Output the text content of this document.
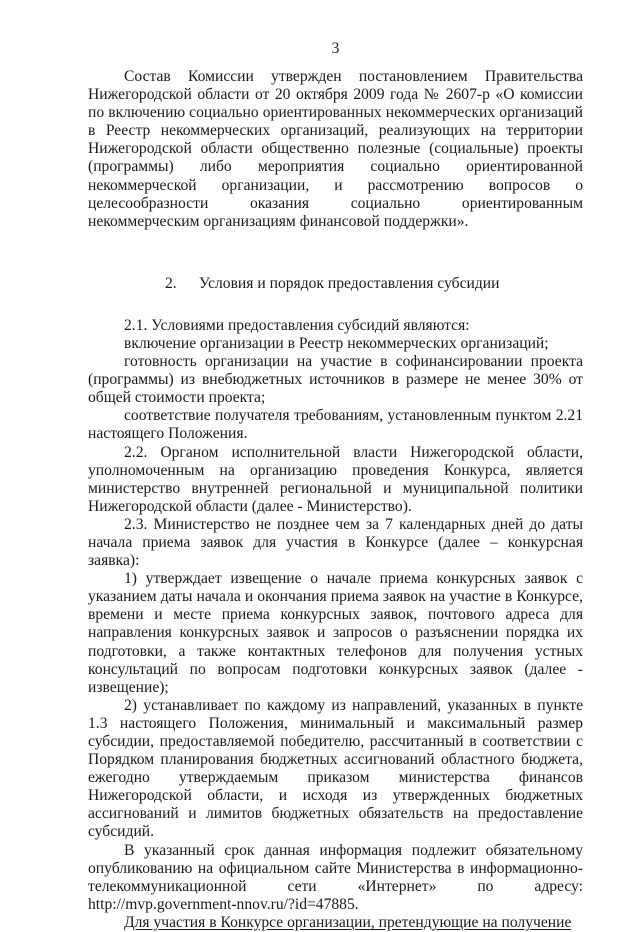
3

Состав Комиссии утвержден постановлением Правительства Нижегородской области от 20 октября 2009 года № 2607-р «О комиссии по включению социально ориентированных некоммерческих организаций в Реестр некоммерческих организаций, реализующих на территории Нижегородской области общественно полезные (социальные) проекты (программы) либо мероприятия социально ориентированной некоммерческой организации, и рассмотрению вопросов о целесообразности оказания социально ориентированным некоммерческим организациям финансовой поддержки».

2. Условия и порядок предоставления субсидии

2.1. Условиями предоставления субсидий являются:

включение организации в Реестр некоммерческих организаций;

готовность организации на участие в софинансировании проекта (программы) из внебюджетных источников в размере не менее 30% от общей стоимости проекта;

соответствие получателя требованиям, установленным пунктом 2.21 настоящего Положения.

2.2. Органом исполнительной власти Нижегородской области, уполномоченным на организацию проведения Конкурса, является министерство внутренней региональной и муниципальной политики Нижегородской области (далее - Министерство).

2.3. Министерство не позднее чем за 7 календарных дней до даты начала приема заявок для участия в Конкурсе (далее – конкурсная заявка):

1) утверждает извещение о начале приема конкурсных заявок с указанием даты начала и окончания приема заявок на участие в Конкурсе, времени и месте приема конкурсных заявок, почтового адреса для направления конкурсных заявок и запросов о разъяснении порядка их подготовки, а также контактных телефонов для получения устных консультаций по вопросам подготовки конкурсных заявок (далее - извещение);

2) устанавливает по каждому из направлений, указанных в пункте 1.3 настоящего Положения, минимальный и максимальный размер субсидии, предоставляемой победителю, рассчитанный в соответствии с Порядком планирования бюджетных ассигнований областного бюджета, ежегодно утверждаемым приказом министерства финансов Нижегородской области, и исходя из утвержденных бюджетных ассигнований и лимитов бюджетных обязательств на предоставление субсидий.

В указанный срок данная информация подлежит обязательному опубликованию на официальном сайте Министерства в информационно-телекоммуникационной сети «Интернет» по адресу: http://mvp.government-nnov.ru/?id=47885.

Для участия в Конкурсе организации, претендующие на получение
